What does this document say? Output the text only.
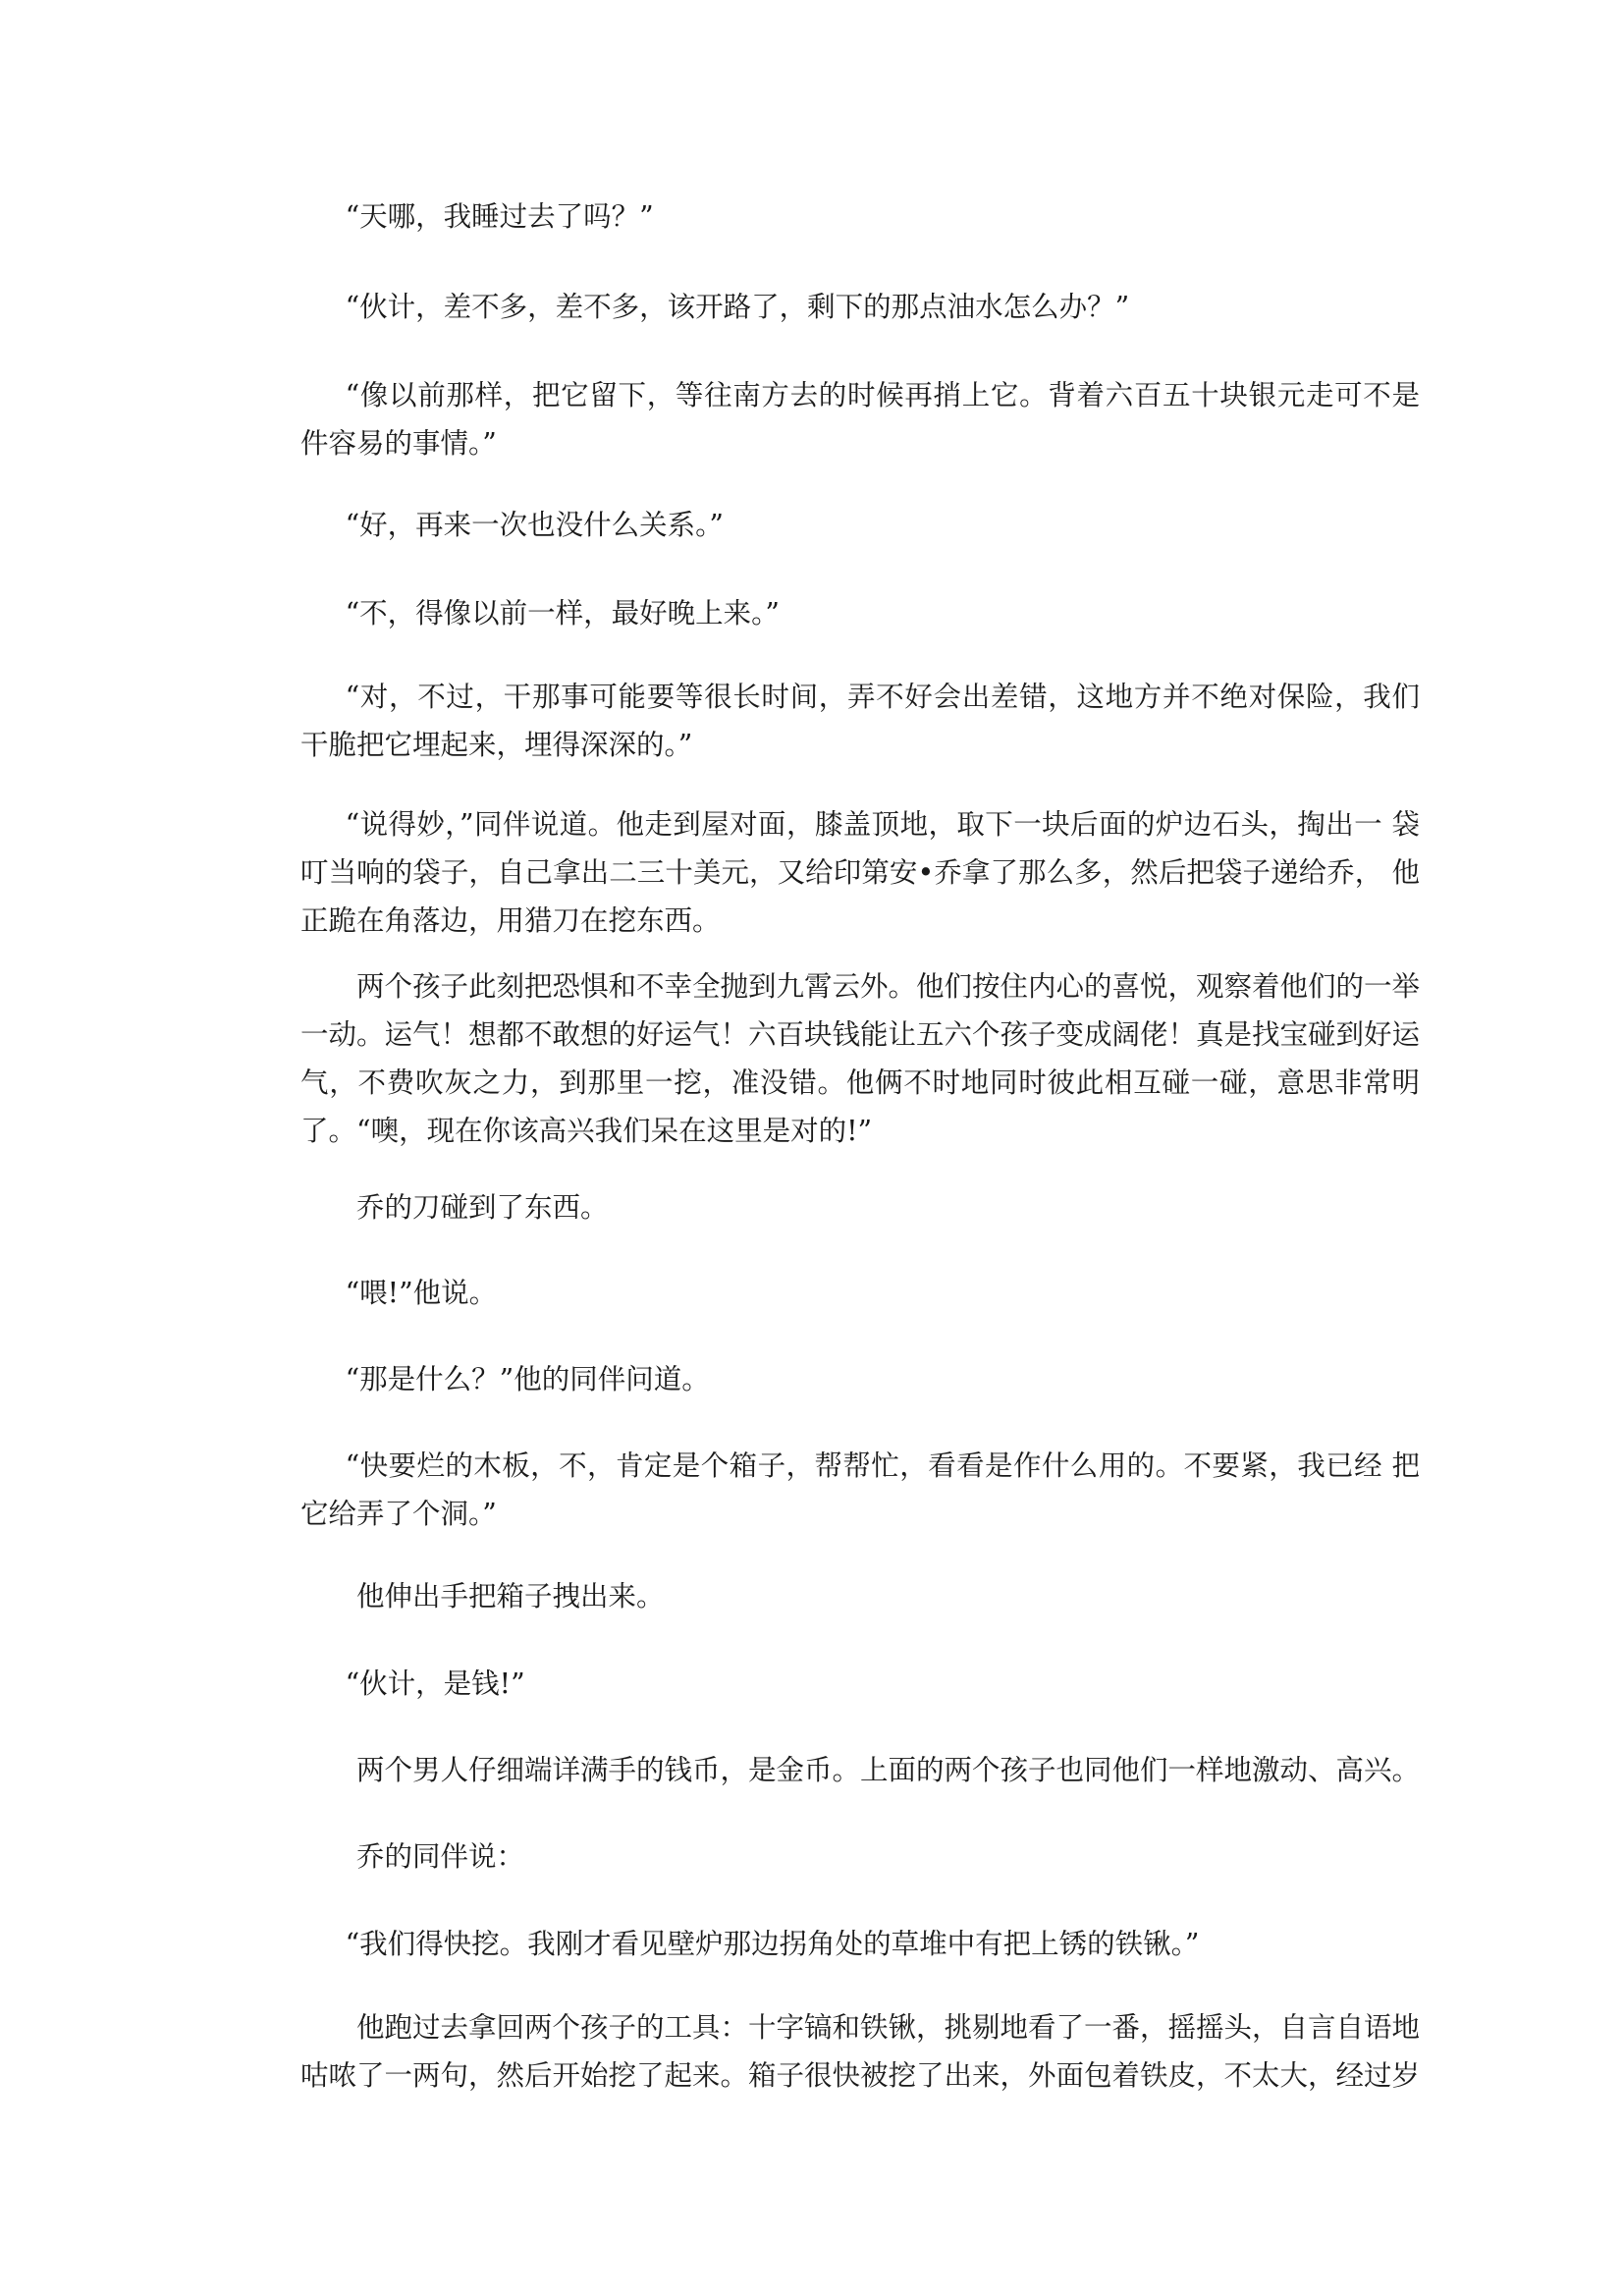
“天哪，我睡过去了吗？”

“伙计，差不多，差不多，该开路了，剩下的那点油水怎么办？”

“像以前那样，把它留下，等往南方去的时候再捎上它。背着六百五十块银元走可不是件容易的事情。”

“好，再来一次也没什么关系。”

“不，得像以前一样，最好晚上来。”

“对，不过，干那事可能要等很长时间，弄不好会出差错，这地方并不绝对保险，我们干脆把它埋起来，埋得深深的。”

“说得妙，”同伴说道。他走到屋对面，膝盖顶地，取下一块后面的炉边石头，掏出一 袋叮当响的袋子，自己拿出二三十美元，又给印第安•乔拿了那么多，然后把袋子递给乔， 他正跪在角落边，用猎刀在挖东西。

两个孩子此刻把恐惧和不幸全抛到九霄云外。他们按住内心的喜悦，观察着他们的一举一动。运气！想都不敢想的好运气！六百块钱能让五六个孩子变成阔佬！真是找宝碰到好运气，不费吹灰之力，到那里一挖，准没错。他俩不时地同时彼此相互碰一碰，意思非常明 了。“噢，现在你该高兴我们呆在这里是对的!”

乔的刀碰到了东西。

“喂!”他说。

“那是什么？”他的同伴问道。

“快要烂的木板，不，肯定是个箱子，帮帮忙，看看是作什么用的。不要紧，我已经 把它给弄了个洞。”

他伸出手把箱子拽出来。

“伙计，是钱!”

两个男人仔细端详满手的钱币，是金币。上面的两个孩子也同他们一样地激动、高兴。

乔的同伴说：

“我们得快挖。我刚才看见壁炉那边拐角处的草堆中有把上锈的铁锹。”

他跑过去拿回两个孩子的工具：十字镐和铁锹，挑剔地看了一番，摇摇头，自言自语地咕哝了一两句，然后开始挖了起来。箱子很快被挖了出来，外面包着铁皮，不太大，经过岁
